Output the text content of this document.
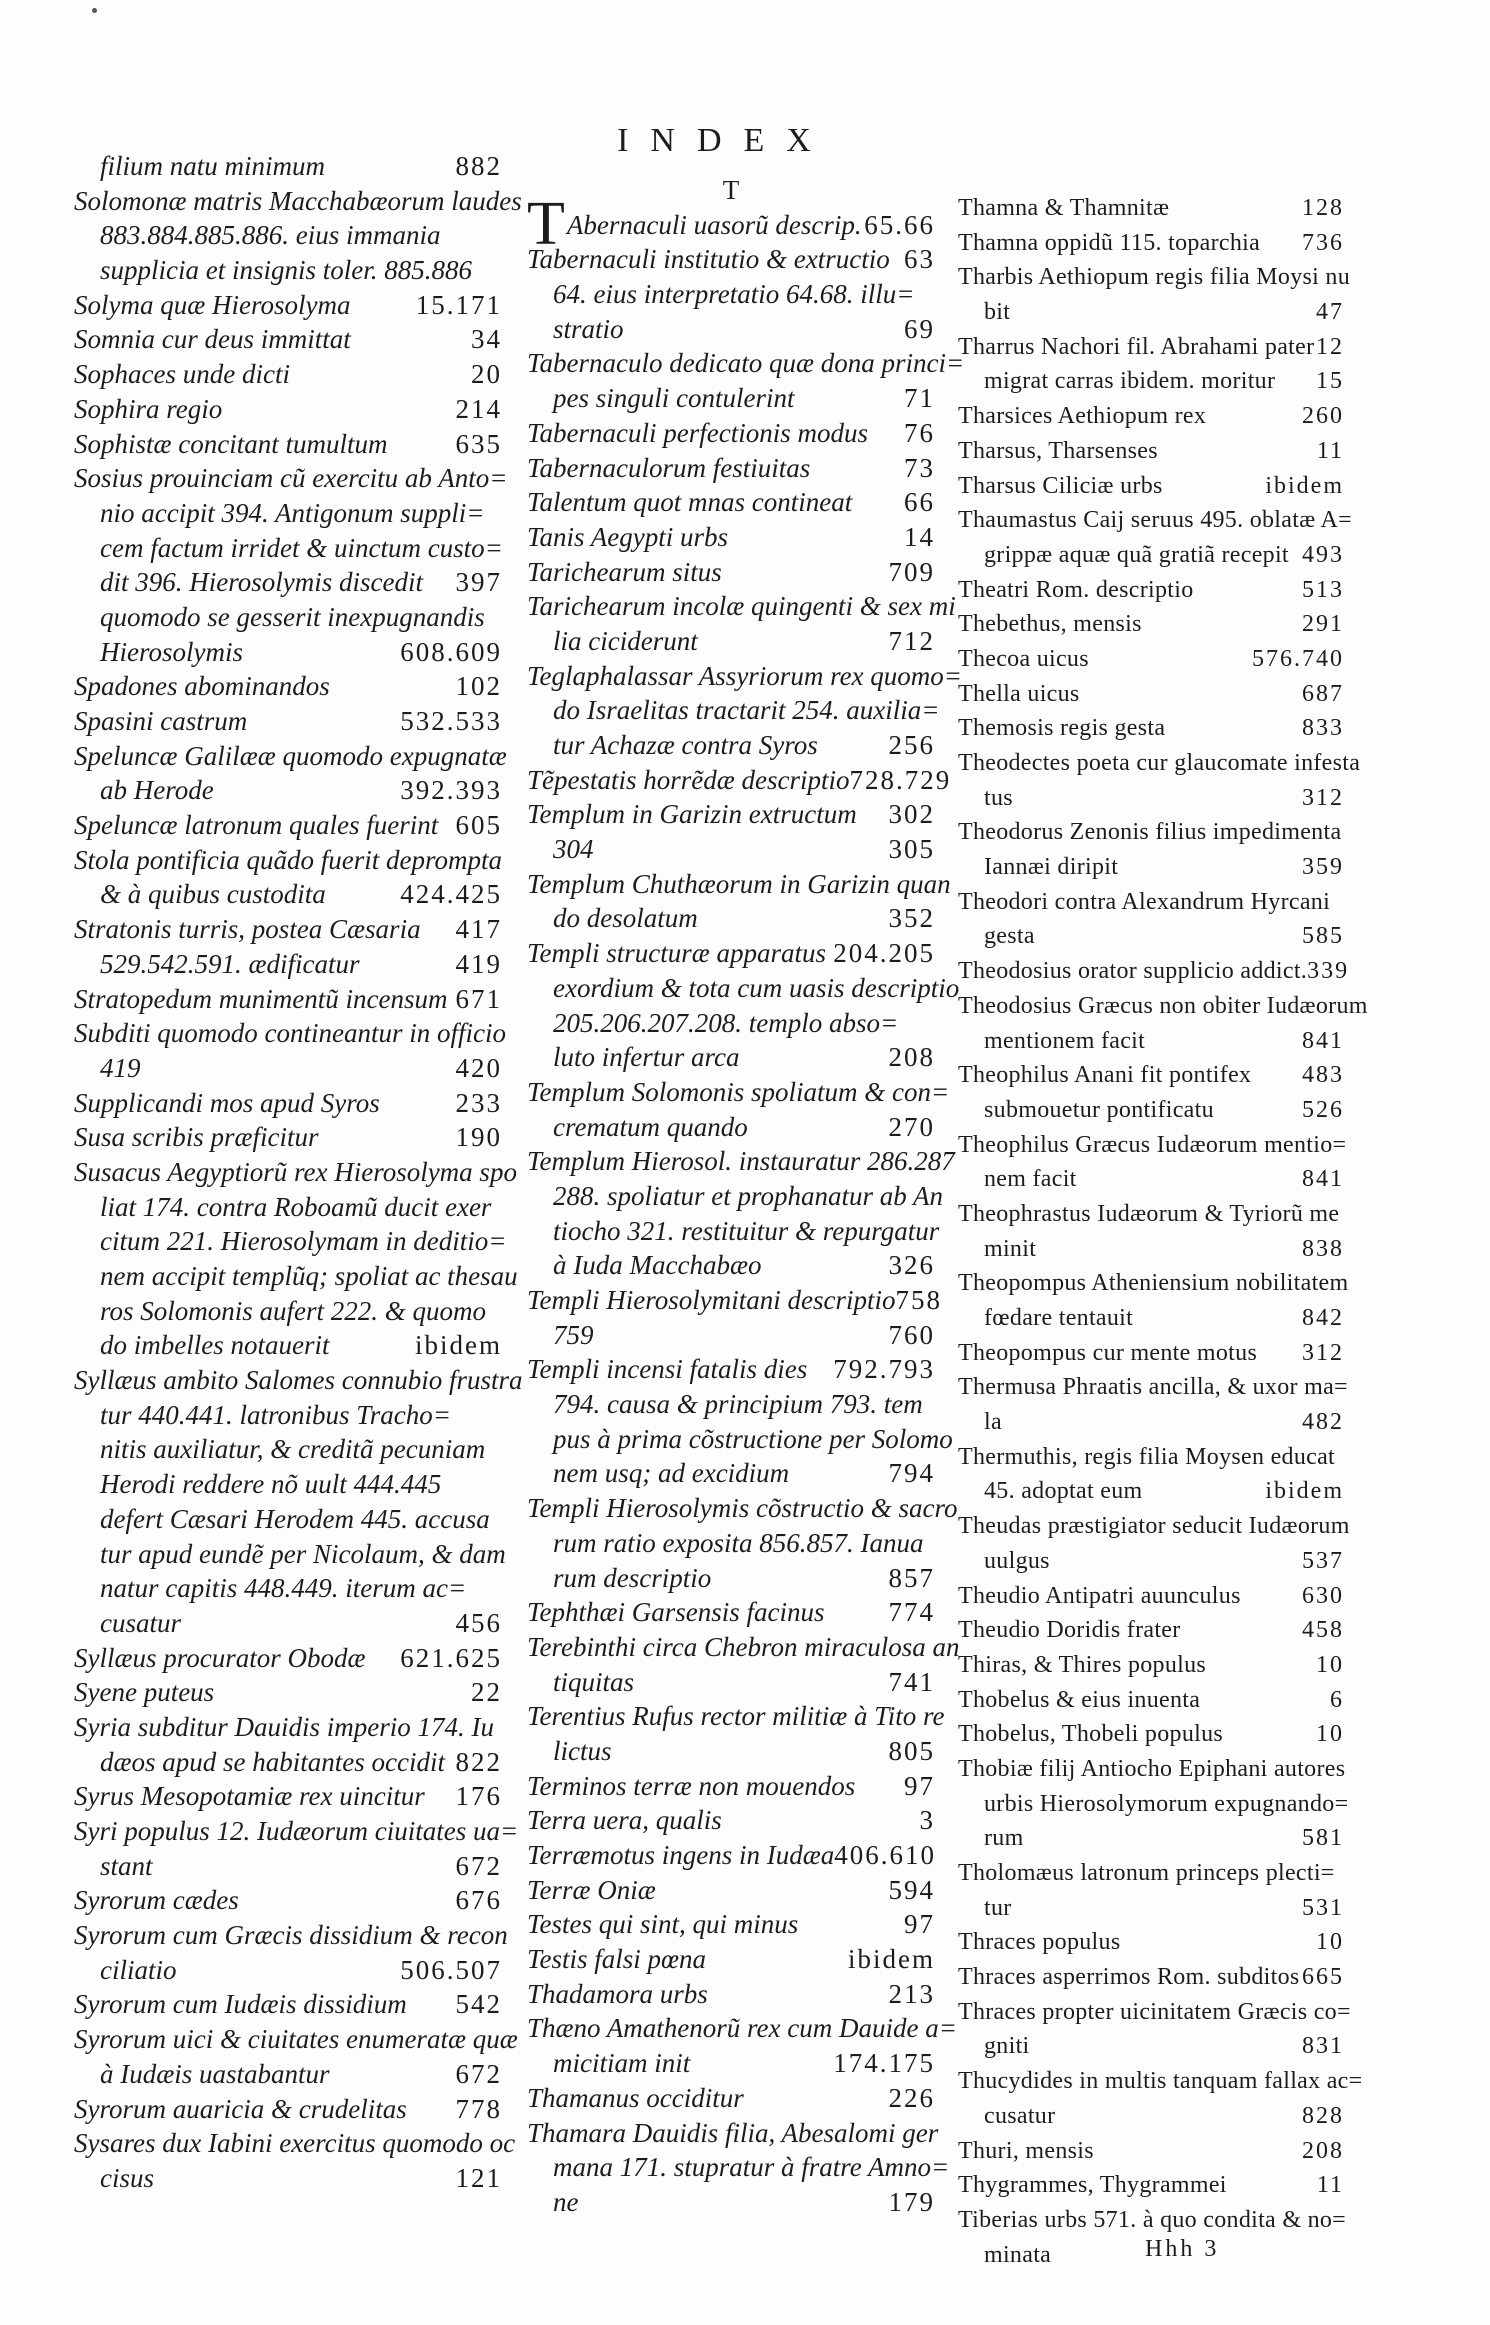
INDEX
filium natu minimum	882
Solomonæ matris Macchabæorum laudes
883.884.885.886. eius immania
supplicia et insignis toler. 885.886
Solyma quæ Hierosolyma 15.171
Somnia cur deus immittat	34
Sophaces unde dicti	20
Sophira regio	214
Sophistæ concitant tumultum	635
Sosius prouinciam cũ exercitu ab Anto=
nio accipit 394. Antigonum suppli=
cem factum irridet & uinctum custo=
dit 396. Hierosolymis discedit 397
quomodo se gesserit inexpugnandis
Hierosolymis	608.609
Spadones abominandos	102
Spasini castrum	532.533
Speluncæ Galilææ quomodo expugnatæ
ab Herode	392.393
Speluncæ latronum quales fuerint 605
Stola pontificia quãdo fuerit deprompta
& à quibus custodita	424.425
Stratonis turris, postea Cæsaria 417
529.542.591. ædificatur	419
Stratopedum munimentũ incensum 671
Subditi quomodo contineantur in officio
419	420
Supplicandi mos apud Syros	233
Susa scribis præficitur	190
Susacus Aegyptiorũ rex Hierosolyma spo
liat 174. contra Roboamũ ducit exer
citum 221. Hierosolymam in deditio=
nem accipit templũq; spoliat ac thesau
ros Solomonis aufert 222. & quomo
do imbelles notauerit	ibidem
Syllæus ambito Salomes connubio frustra
tur 440.441. latronibus Tracho=
nitis auxiliatur, & creditã pecuniam
Herodi reddere nõ uult 444.445
defert Cæsari Herodem 445. accusa
tur apud eundẽ per Nicolaum, & dam
natur capitis 448.449. iterum ac=
cusatur	456
Syllæus procurator Obodæ 621.625
Syene puteus	22
Syria subditur Dauidis imperio 174. Iu
dæos apud se habitantes occidit 822
Syrus Mesopotamiæ rex uincitur 176
Syri populus 12. Iudæorum ciuitates ua=
stant	672
Syrorum cædes	676
Syrorum cum Græcis dissidium & recon
ciliatio	506.507
Syrorum cum Iudæis dissidium 542
Syrorum uici & ciuitates enumeratæ quæ
à Iudæis uastabantur	672
Syrorum auaricia & crudelitas 778
Sysares dux Iabini exercitus quomodo oc
cisus	121
T
TAbernaculi uasorũ descrip. 65.66
Tabernaculi institutio & extructio 63
64. eius interpretatio 64.68. illu=
stratio	69
Tabernaculo dedicato quæ dona princi=
pes singuli contulerint	71
Tabernaculi perfectionis modus 76
Tabernaculorum festiuitas	73
Talentum quot mnas contineat 66
Tanis Aegypti urbs	14
Tarichearum situs	709
Tarichearum incolæ quingenti & sex mi
lia ciciderunt	712
Teglaphalassar Assyriorum rex quomo=
do Israelitas tractarit 254. auxilia=
tur Achazæ contra Syros	256
Tẽpestatis horrẽdæ descriptio 728.729
Templum in Garizin extructum 302
304	305
Templum Chuthæorum in Garizin quan
do desolatum	352
Templi structuræ apparatus 204.205
exordium & tota cum uasis descriptio
205.206.207.208. templo abso=
luto infertur arca	208
Templum Solomonis spoliatum & con=
crematum quando	270
Templum Hierosol. instauratur 286.287
288. spoliatur et prophanatur ab An
tiocho 321. restituitur & repurgatur
à Iuda Macchabæo	326
Templi Hierosolymitani descriptio 758
759	760
Templi incensi fatalis dies 792.793
794. causa & principium 793. tem
pus à prima cõstructione per Solomo
nem usq; ad excidium	794
Templi Hierosolymis cõstructio & sacro
rum ratio exposita 856.857. Ianua
rum descriptio	857
Tephthæi Garsensis facinus 774
Terebinthi circa Chebron miraculosa an
tiquitas	741
Terentius Rufus rector militiæ à Tito re
lictus	805
Terminos terræ non mouendos 97
Terra uera, qualis	3
Terræmotus ingens in Iudæa 406.610
Terræ Oniæ	594
Testes qui sint, qui minus	97
Testis falsi pœna	ibidem
Thadamora urbs	213
Thæno Amathenorũ rex cum Dauide a=
micitiam init	174.175
Thamanus occiditur	226
Thamara Dauidis filia, Abesalomi ger
mana 171. stupratur à fratre Amno=
ne	179
Thamna & Thamnitæ	128
Thamna oppidũ 115. toparchia 736
Tharbis Aethiopum regis filia Moysi nu
bit	47
Tharrus Nachori fil. Abrahami pater 12
migrat carras ibidem. moritur 15
Tharsices Aethiopum rex	260
Tharsus, Tharsenses	11
Tharsus Ciliciæ urbs	ibidem
Thaumastus Caij seruus 495. oblatæ A=
grippæ aquæ quã gratiã recepit 493
Theatri Rom. descriptio	513
Thebethus, mensis	291
Thecoa uicus	576.740
Thella uicus	687
Themosis regis gesta	833
Theodectes poeta cur glaucomate infesta
tus	312
Theodorus Zenonis filius impedimenta
Iannæi diripit	359
Theodori contra Alexandrum Hyrcani
gesta	585
Theodosius orator supplicio addict. 339
Theodosius Græcus non obiter Iudæorum
mentionem facit	841
Theophilus Anani fit pontifex 483
submouetur pontificatu	526
Theophilus Græcus Iudæorum mentio=
nem facit	841
Theophrastus Iudæorum & Tyriorũ me
minit	838
Theopompus Atheniensium nobilitatem
fœdare tentauit	842
Theopompus cur mente motus 312
Thermusa Phraatis ancilla, & uxor ma=
la	482
Thermuthis, regis filia Moysen educat
45. adoptat eum	ibidem
Theudas præstigiator seducit Iudæorum
uulgus	537
Theudio Antipatri auunculus	630
Theudio Doridis frater	458
Thiras, & Thires populus	10
Thobelus & eius inuenta	6
Thobelus, Thobeli populus	10
Thobiæ filij Antiocho Epiphani autores
urbis Hierosolymorum expugnando=
rum	581
Tholomæus latronum princeps plecti=
tur	531
Thraces populus	10
Thraces asperrimos Rom. subditos 665
Thraces propter uicinitatem Græcis co=
gniti	831
Thucydides in multis tanquam fallax ac=
cusatur	828
Thuri, mensis	208
Thygrammes, Thygrammei	11
Tiberias urbs 571. à quo condita & no=
minata	Hhh 3
